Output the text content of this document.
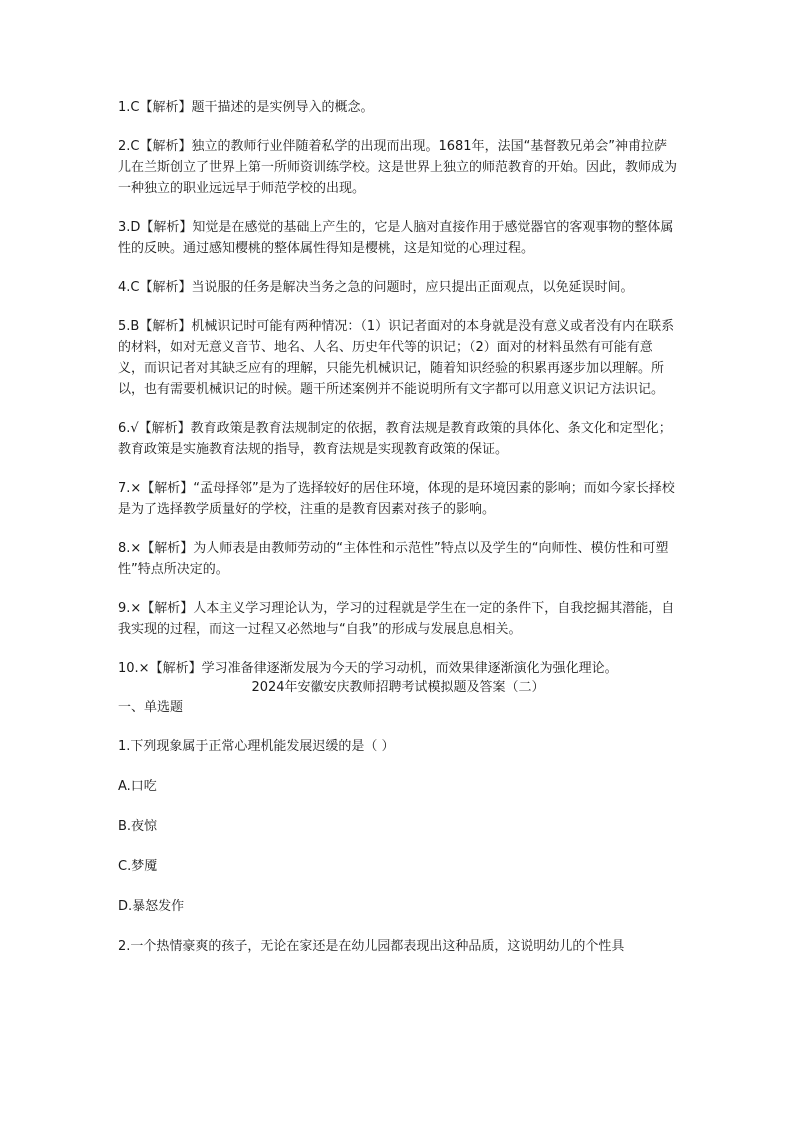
1.C【解析】题干描述的是实例导入的概念。

2.C【解析】独立的教师行业伴随着私学的出现而出现。1681年，法国“基督教兄弟会”神甫拉萨儿在兰斯创立了世界上第一所师资训练学校。这是世界上独立的师范教育的开始。因此，教师成为一种独立的职业远远早于师范学校的出现。

3.D【解析】知觉是在感觉的基础上产生的，它是人脑对直接作用于感觉器官的客观事物的整体属性的反映。通过感知樱桃的整体属性得知是樱桃，这是知觉的心理过程。

4.C【解析】当说服的任务是解决当务之急的问题时，应只提出正面观点，以免延误时间。

5.B【解析】机械识记时可能有两种情况：（1）识记者面对的本身就是没有意义或者没有内在联系的材料，如对无意义音节、地名、人名、历史年代等的识记；（2）面对的材料虽然有可能有意义，而识记者对其缺乏应有的理解，只能先机械识记，随着知识经验的积累再逐步加以理解。所以，也有需要机械识记的时候。题干所述案例并不能说明所有文字都可以用意义识记方法识记。

6.√【解析】教育政策是教育法规制定的依据，教育法规是教育政策的具体化、条文化和定型化；教育政策是实施教育法规的指导，教育法规是实现教育政策的保证。

7.×【解析】“孟母择邻”是为了选择较好的居住环境，体现的是环境因素的影响；而如今家长择校是为了选择教学质量好的学校，注重的是教育因素对孩子的影响。

8.×【解析】为人师表是由教师劳动的“主体性和示范性”特点以及学生的“向师性、模仿性和可塑性”特点所决定的。

9.×【解析】人本主义学习理论认为，学习的过程就是学生在一定的条件下，自我挖掘其潜能，自我实现的过程，而这一过程又必然地与“自我”的形成与发展息息相关。

10.×【解析】学习准备律逐渐发展为今天的学习动机，而效果律逐渐演化为强化理论。

2024年安徽安庆教师招聘考试模拟题及答案（二）

一、单选题

1.下列现象属于正常心理机能发展迟缓的是（ ）

A.口吃

B.夜惊

C.梦魇

D.暴怒发作

2.一个热情豪爽的孩子，无论在家还是在幼儿园都表现出这种品质，这说明幼儿的个性具
